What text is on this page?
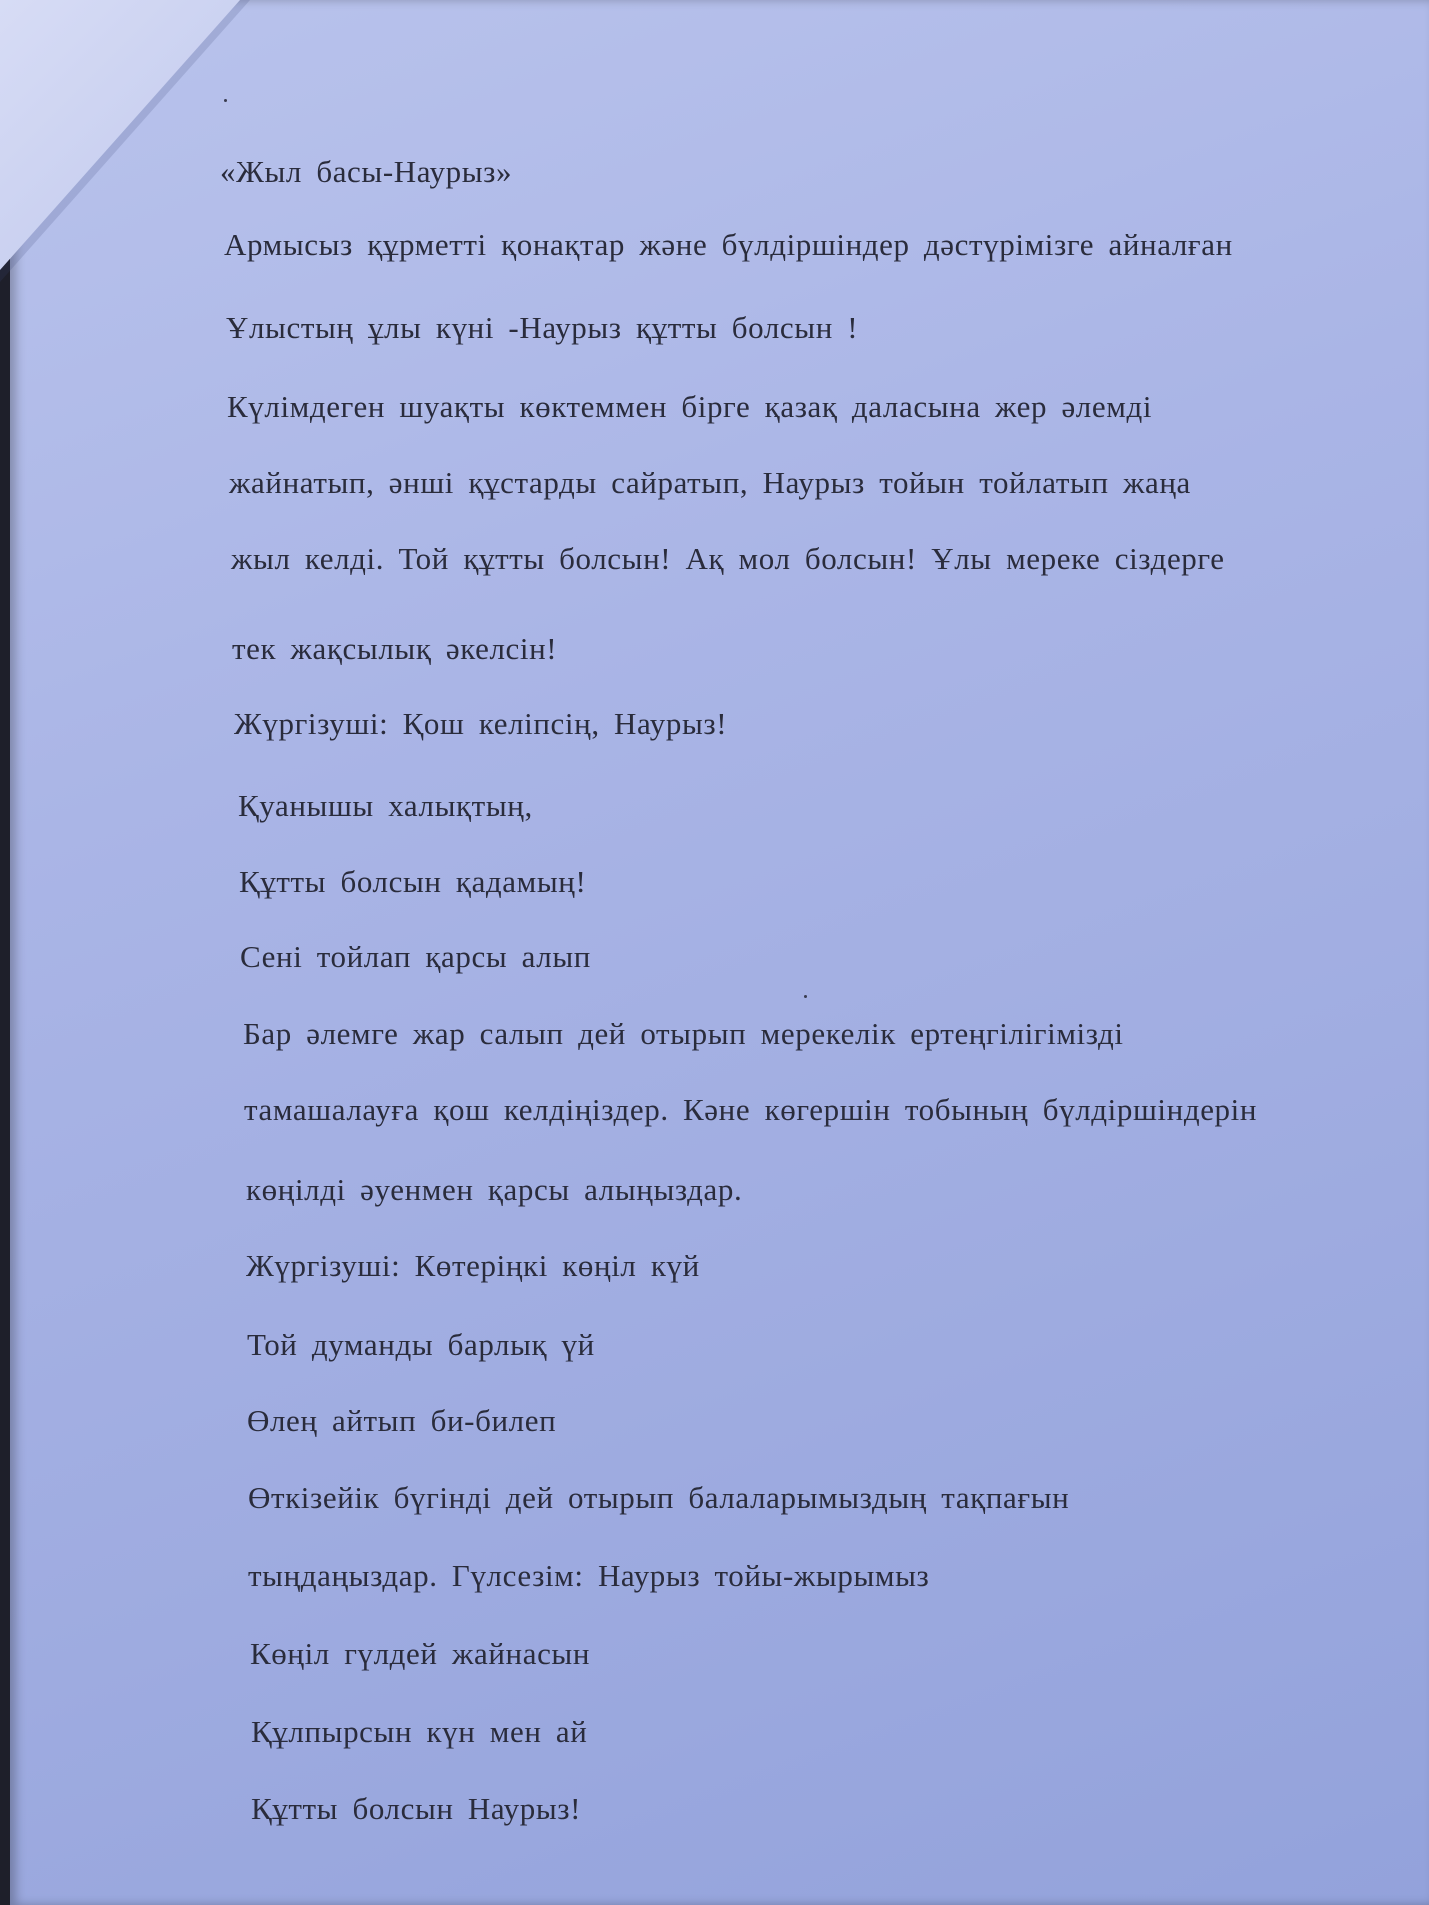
«Жыл басы-Наурыз»
Армысыз құрметті қонақтар және бүлдіршіндер дәстүрімізге айналған
Ұлыстың ұлы күні -Наурыз құтты болсын !
Күлімдеген шуақты көктеммен бірге қазақ даласына жер әлемді
жайнатып, әнші құстарды сайратып, Наурыз тойын тойлатып жаңа
жыл келді. Той құтты болсын! Ақ мол болсын! Ұлы мереке сіздерге
тек жақсылық әкелсін!
Жүргізуші: Қош келіпсің, Наурыз!
Қуанышы халықтың,
Құтты болсын қадамың!
Сені тойлап қарсы алып
Бар әлемге жар салып дей отырып мерекелік ертеңгілігімізді
тамашалауға қош келдіңіздер. Кәне көгершін тобының бүлдіршіндерін
көңілді әуенмен қарсы алыңыздар.
Жүргізуші: Көтеріңкі көңіл күй
Той думанды барлық үй
Өлең айтып би-билеп
Өткізейік бүгінді дей отырып балаларымыздың тақпағын
тыңдаңыздар. Гүлсезім: Наурыз тойы-жырымыз
Көңіл гүлдей жайнасын
Құлпырсын күн мен ай
Құтты болсын Наурыз!
